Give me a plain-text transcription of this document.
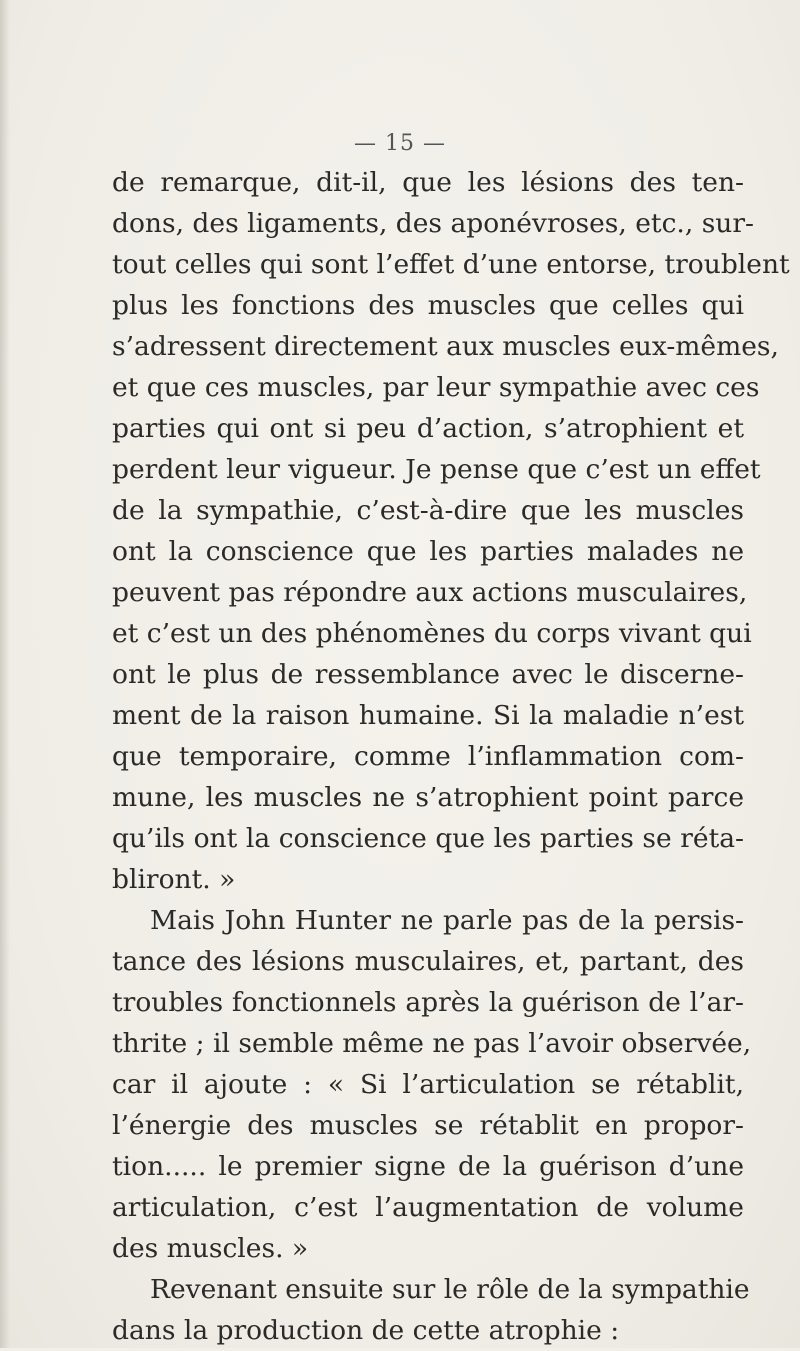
— 15 —
de remarque, dit-il, que les lésions des ten-
dons, des ligaments, des aponévroses, etc., sur-
tout celles qui sont l’effet d’une entorse, troublent
plus les fonctions des muscles que celles qui
s’adressent directement aux muscles eux-mêmes,
et que ces muscles, par leur sympathie avec ces
parties qui ont si peu d’action, s’atrophient et
perdent leur vigueur. Je pense que c’est un effet
de la sympathie, c’est-à-dire que les muscles
ont la conscience que les parties malades ne
peuvent pas répondre aux actions musculaires,
et c’est un des phénomènes du corps vivant qui
ont le plus de ressemblance avec le discerne-
ment de la raison humaine. Si la maladie n’est
que temporaire, comme l’inflammation com-
mune, les muscles ne s’atrophient point parce
qu’ils ont la conscience que les parties se réta-
bliront. »
Mais John Hunter ne parle pas de la persis-
tance des lésions musculaires, et, partant, des
troubles fonctionnels après la guérison de l’ar-
thrite ; il semble même ne pas l’avoir observée,
car il ajoute : « Si l’articulation se rétablit,
l’énergie des muscles se rétablit en propor-
tion..... le premier signe de la guérison d’une
articulation, c’est l’augmentation de volume
des muscles. »
Revenant ensuite sur le rôle de la sympathie
dans la production de cette atrophie :
